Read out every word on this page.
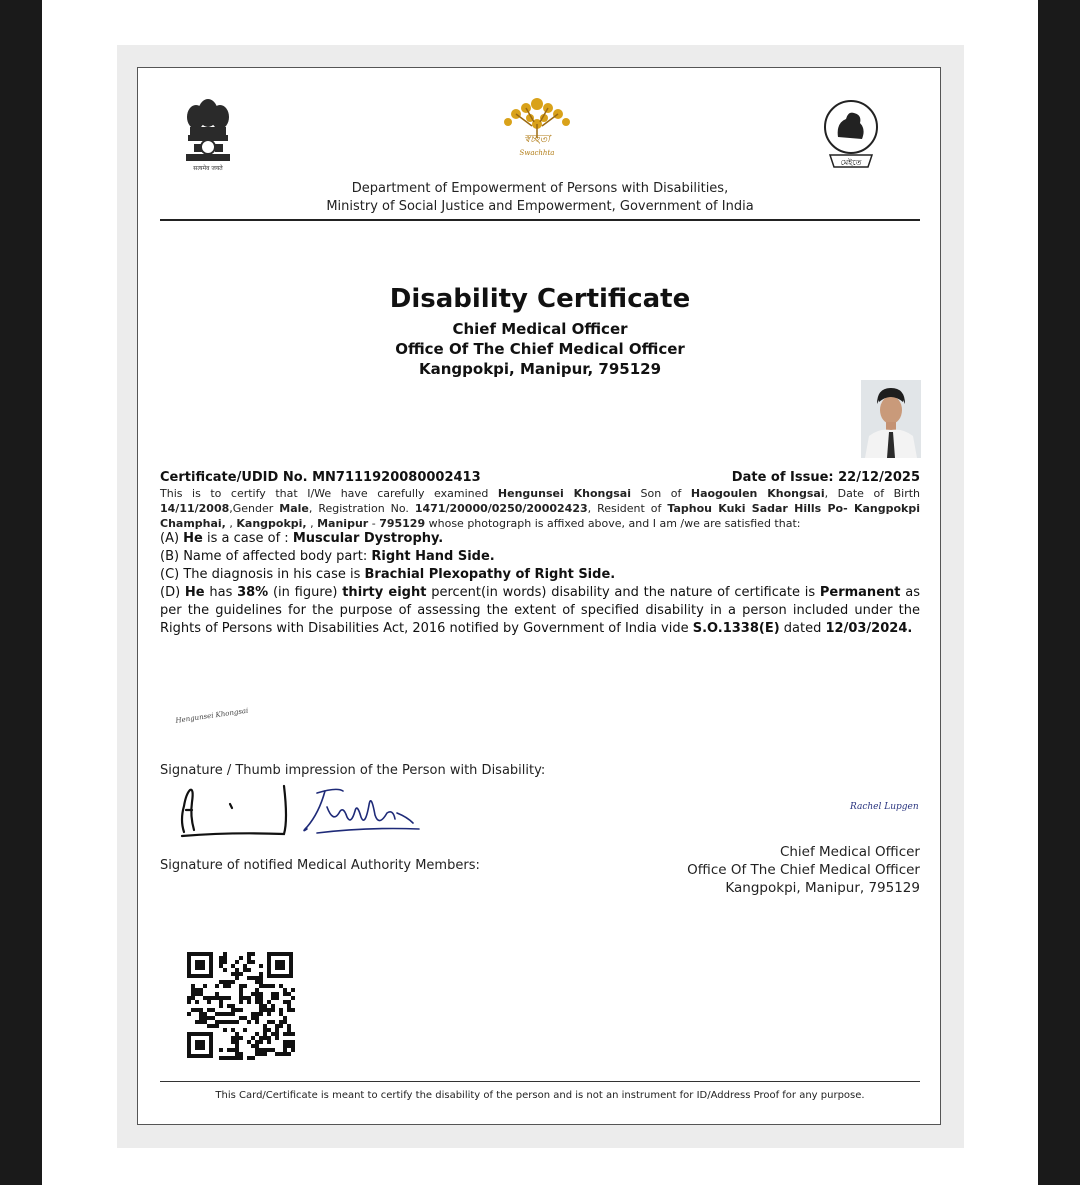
सत्यमेव जयते
স্বচ্ছতা
Swachhta
মেইতে
Department of Empowerment of Persons with Disabilities,
Ministry of Social Justice and Empowerment, Government of India
Disability Certificate
Chief Medical Officer
Office Of The Chief Medical Officer
Kangpokpi, Manipur, 795129
Certificate/UDID No. MN7111920080002413	Date of Issue: 22/12/2025
This is to certify that I/We have carefully examined Hengunsei Khongsai Son of Haogoulen Khongsai, Date of Birth 14/11/2008,Gender Male, Registration No. 1471/20000/0250/20002423, Resident of Taphou Kuki Sadar Hills Po- Kangpokpi Champhai, , Kangpokpi, , Manipur - 795129 whose photograph is affixed above, and I am /we are satisfied that:
(A) He is a case of : Muscular Dystrophy.
(B) Name of affected body part: Right Hand Side.
(C) The diagnosis in his case is Brachial Plexopathy of Right Side.
(D) He has 38% (in figure) thirty eight percent(in words) disability and the nature of certificate is Permanent as per the guidelines for the purpose of assessing the extent of specified disability in a person included under the Rights of Persons with Disabilities Act, 2016 notified by Government of India vide S.O.1338(E) dated 12/03/2024.
Hengunsei Khongsai
Signature / Thumb impression of the Person with Disability:
Signature of notified Medical Authority Members:
Rachel Lupgen
Chief Medical Officer
Office Of The Chief Medical Officer
Kangpokpi, Manipur, 795129
This Card/Certificate is meant to certify the disability of the person and is not an instrument for ID/Address Proof for any purpose.
